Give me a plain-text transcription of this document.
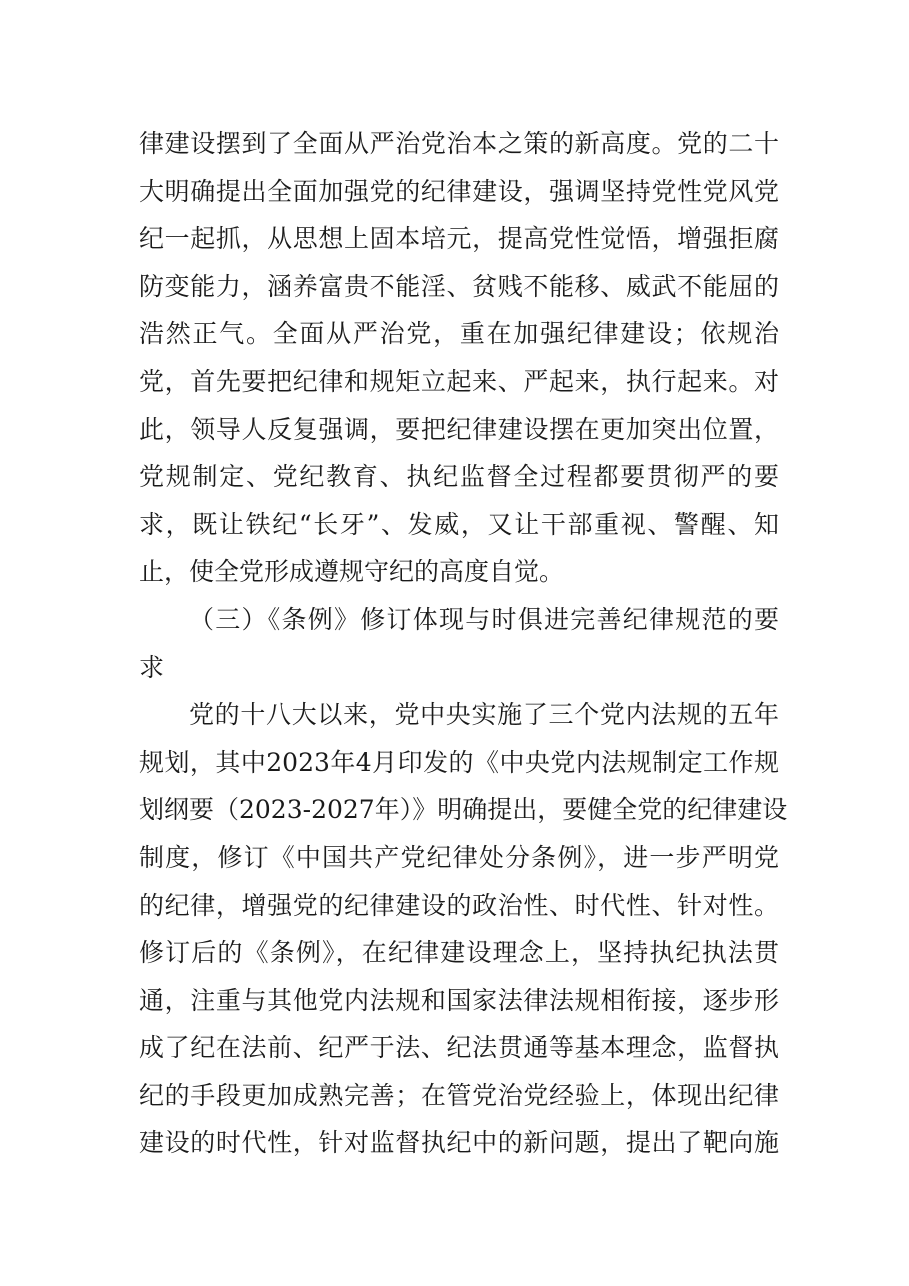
律建设摆到了全面从严治党治本之策的新高度。党的二十
大明确提出全面加强党的纪律建设，强调坚持党性党风党
纪一起抓，从思想上固本培元，提高党性觉悟，增强拒腐
防变能力，涵养富贵不能淫、贫贱不能移、威武不能屈的
浩然正气。全面从严治党，重在加强纪律建设；依规治
党，首先要把纪律和规矩立起来、严起来，执行起来。对
此，领导人反复强调，要把纪律建设摆在更加突出位置，
党规制定、党纪教育、执纪监督全过程都要贯彻严的要
求，既让铁纪“长牙”、发威，又让干部重视、警醒、知
止，使全党形成遵规守纪的高度自觉。
（三）《条例》修订体现与时俱进完善纪律规范的要
求
党的十八大以来，党中央实施了三个党内法规的五年
规划，其中2023年4月印发的《中央党内法规制定工作规
划纲要（2023-2027年）》明确提出，要健全党的纪律建设
制度，修订《中国共产党纪律处分条例》，进一步严明党
的纪律，增强党的纪律建设的政治性、时代性、针对性。
修订后的《条例》，在纪律建设理念上，坚持执纪执法贯
通，注重与其他党内法规和国家法律法规相衔接，逐步形
成了纪在法前、纪严于法、纪法贯通等基本理念，监督执
纪的手段更加成熟完善；在管党治党经验上，体现出纪律
建设的时代性，针对监督执纪中的新问题，提出了靶向施
